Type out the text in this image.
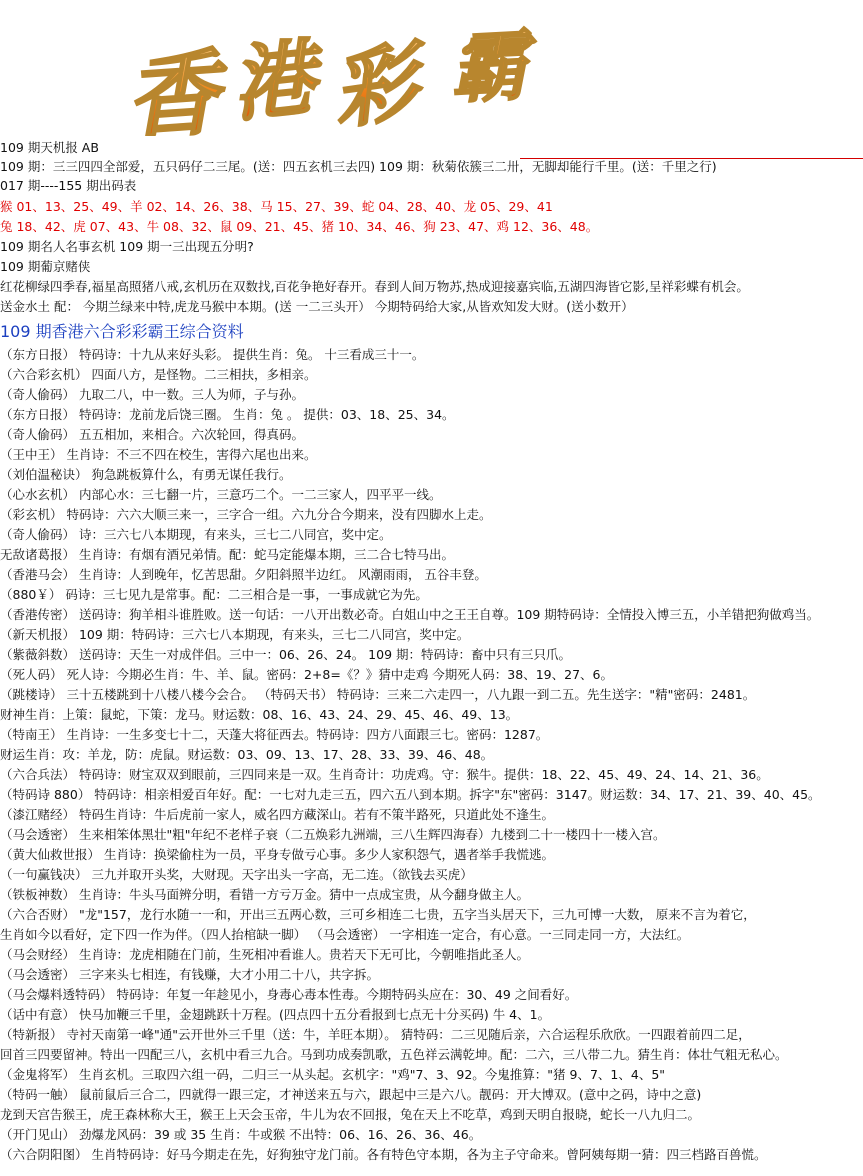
香 港 彩 霸
109 期天机报 AB
109 期：三三四四全部爱，五只码仔二三尾。(送：四五玄机三去四) 109 期：秋菊依簇三二卅，无脚却能行千里。(送：千里之行)
017 期----155 期出码表
猴 01、13、25、49、羊 02、14、26、38、马 15、27、39、蛇 04、28、40、龙 05、29、41
兔 18、42、虎 07、43、牛 08、32、鼠 09、21、45、猪 10、34、46、狗 23、47、鸡 12、36、48。
109 期名人名事玄机 109 期一三出现五分明?
109 期葡京赌侠
红花柳绿四季春,福星高照猪八戒,玄机历在双数找,百花争艳好春开。春到人间万物苏,热成迎接嘉宾临,五湖四海皆它影,呈祥彩蝶有机会。
送金水土 配： 今期兰绿来中特,虎龙马猴中本期。(送 一二三头开） 今期特码给大家,从皆欢知发大财。(送小数开）
109 期香港六合彩彩霸王综合资料
（东方日报） 特码诗：十九从来好头彩。 提供生肖：兔。 十三看成三十一。
（六合彩玄机） 四面八方，是怪物。二三相扶，多相亲。
（奇人偷码） 九取二八，中一数。三人为师，子与孙。
（东方日报） 特码诗：龙前龙后饶三圈。 生肖：兔 。 提供：03、18、25、34。
（奇人偷码） 五五相加，来相合。六次轮回，得真码。
（王中王） 生肖诗：不三不四在校生，害得六尾也出来。
（刘伯温秘诀） 狗急跳板算什么，有勇无谋任我行。
（心水玄机） 内部心水：三七翻一片，三意巧二个。一二三家人，四平平一线。
（彩玄机） 特码诗：六六大顺三来一，三字合一组。六九分合今期来，没有四脚水上走。
（奇人偷码） 诗：三六七八本期现，有来头，三七二八同宫，奖中定。
无敌诸葛报） 生肖诗：有烟有酒兄弟情。配：蛇马定能爆本期，三二合七特马出。
（香港马会） 生肖诗：人到晚年，忆苦思甜。夕阳斜照半边红。 风潮雨雨， 五谷丰登。
（880￥） 码诗：三七见九是常事。配：二三相合是一事，一事成就它为先。
（香港传密） 送码诗：狗羊相斗谁胜败。送一句话：一八开出数必奇。白姐山中之王王自尊。109 期特码诗：全情投入博三五，小羊错把狗做鸡当。
（新天机报） 109 期：特码诗：三六七八本期现，有来头，三七二八同宫，奖中定。
（紫薇斜数） 送码诗：天生一对成伴侣。三中一：06、26、24。 109 期：特码诗：畜中只有三只爪。
（死人码） 死人诗：今期必生肖：牛、羊、鼠。密码：2+8=《？》猜中走鸡 今期死人码：38、19、27、6。
（跳楼诗） 三十五楼跳到十八楼八楼今会合。 （特码天书） 特码诗：三来二六走四一，八九跟一到二五。先生送字："精"密码：2481。
财神生肖：上策：鼠蛇，下策：龙马。财运数：08、16、43、24、29、45、46、49、13。
（特南王） 生肖诗：一生多变七十二，天蓬大将征西去。特码诗：四方八面跟三七。密码：1287。
财运生肖：攻：羊龙，防：虎鼠。财运数：03、09、13、17、28、33、39、46、48。
（六合兵法） 特码诗：财宝双双到眼前，三四同来是一双。生肖奇计：功虎鸡。守：猴牛。提供：18、22、45、49、24、14、21、36。
（特码诗 880） 特码诗：相亲相爱百年好。配：一七对九走三五，四六五八到本期。拆字"东"密码：3147。财运数：34、17、21、39、40、45。
（漆江赌经） 特码生肖诗：牛后虎前一家人，威名四方藏深山。若有不策半路死，只道此处不逢生。
（马会透密） 生来相笨体黑壮"粗"年纪不老样子衰（二五焕彩九洲端，三八生辉四海春）九楼到二十一楼四十一楼入宫。
（黄大仙救世报） 生肖诗：换梁偷柱为一员，平身专做亏心事。多少人家积怨气，遇者举手我慌逃。
（一句赢钱决） 三九并取开头奖，大财现。天字出头一字高，无二连。（欲钱去买虎）
（铁板神数） 生肖诗：牛头马面辨分明，看错一方亏万金。猜中一点成宝贵，从今翻身做主人。
（六合否财） "龙"157，龙行水随一一和，开出三五两心数，三可乡相连二七贵，五字当头居天下，三九可博一大数， 原来不言为着它，
生肖如今以看好，定下四一作为伴。（四人抬棺缺一脚） （马会透密） 一字相连一定合，有心意。一三同走同一方，大法红。
（马会财经） 生肖诗：龙虎相随在门前，生死相冲看谁人。贵若天下无可比，今朝唯指此圣人。
（马会透密） 三字来头七相连，有钱赚，大才小用二十八，共字拆。
（马会爆料透特码） 特码诗：年复一年趁见小，身毒心毒本性毒。今期特码头应在：30、49 之间看好。
（话中有意） 快马加鞭三千里，金翅跳跃十万程。(四点四十五分看报到七点无十分买码) 牛 4、1。
（特新报） 寺衬天南第一峰"通"云开世外三千里（送：牛，羊旺本期）。 猜特码：二三见随后亲，六合运程乐欣欣。一四跟着前四二足，
回首三四要留神。特出一四配三八，玄机中看三九合。马到功成奏凯歌，五色祥云满乾坤。配：二六，三八带二九。猜生肖：体壮气粗无私心。
（金鬼将军） 生肖玄机。三取四六组一码，二归三一从头起。玄机字："鸡"7、3、92。今鬼推算："猪 9、7、1、4、5"
（特码一触） 鼠前鼠后三合二，四就得一跟三定，才神送来五与六，跟起中三是六八。靓码：开大博双。(意中之码，诗中之意)
龙到天宫告猴王，虎王森林称大王，猴王上天会玉帝，牛儿为农不回报，兔在天上不吃草，鸡到天明自报晓，蛇长一八九归二。
（开门见山） 劲爆龙风码：39 或 35 生肖：牛或猴 不出特：06、16、26、36、46。
（六合阴阳图） 生肖特码诗：好马今期走在先，好狗独守龙门前。各有特色守本期，各为主子守命来。曾阿姨每期一猜：四三档路百兽慌。
